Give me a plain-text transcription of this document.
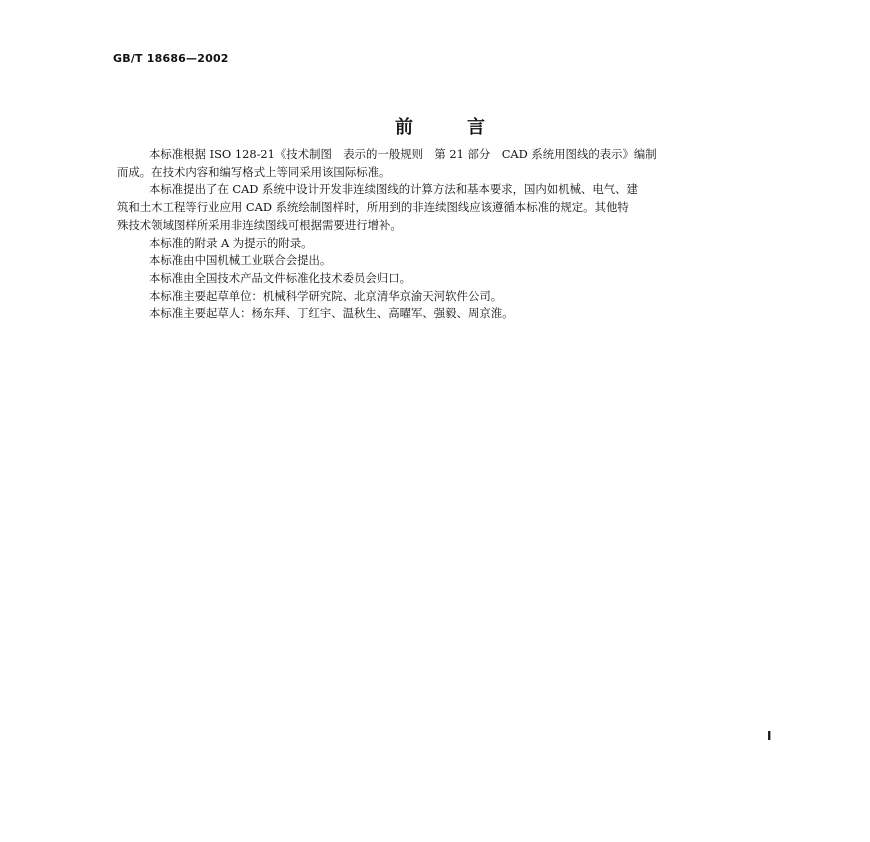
GB/T 18686—2002
前	言

本标准根据 ISO 128-21《技术制图　表示的一般规则　第 21 部分　CAD 系统用图线的表示》编制
而成。在技术内容和编写格式上等同采用该国际标准。

本标准提出了在 CAD 系统中设计开发非连续图线的计算方法和基本要求，国内如机械、电气、建
筑和土木工程等行业应用 CAD 系统绘制图样时，所用到的非连续图线应该遵循本标准的规定。其他特
殊技术领域图样所采用非连续图线可根据需要进行增补。

本标准的附录 A 为提示的附录。

本标准由中国机械工业联合会提出。

本标准由全国技术产品文件标准化技术委员会归口。

本标准主要起草单位：机械科学研究院、北京清华京渝天河软件公司。

本标准主要起草人：杨东拜、丁红宇、温秋生、高曜军、强毅、周京淮。

I
